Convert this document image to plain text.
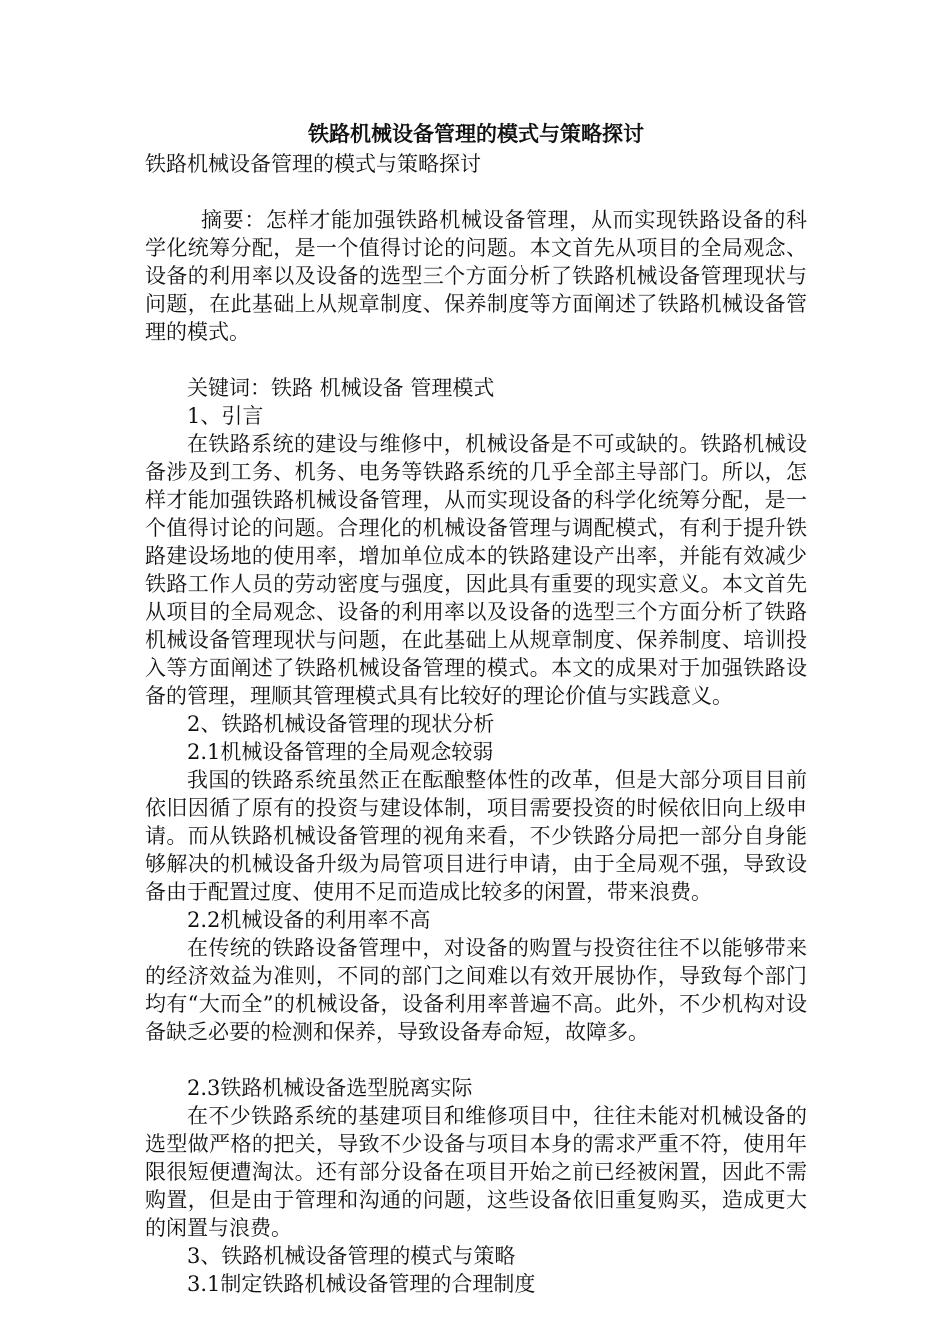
铁路机械设备管理的模式与策略探讨
铁路机械设备管理的模式与策略探讨

摘要：怎样才能加强铁路机械设备管理，从而实现铁路设备的科学化统筹分配，是一个值得讨论的问题。本文首先从项目的全局观念、设备的利用率以及设备的选型三个方面分析了铁路机械设备管理现状与问题，在此基础上从规章制度、保养制度等方面阐述了铁路机械设备管理的模式。

关键词：铁路 机械设备 管理模式

1、引言

在铁路系统的建设与维修中，机械设备是不可或缺的。铁路机械设备涉及到工务、机务、电务等铁路系统的几乎全部主导部门。所以，怎样才能加强铁路机械设备管理，从而实现设备的科学化统筹分配，是一个值得讨论的问题。合理化的机械设备管理与调配模式，有利于提升铁路建设场地的使用率，增加单位成本的铁路建设产出率，并能有效减少铁路工作人员的劳动密度与强度，因此具有重要的现实意义。本文首先从项目的全局观念、设备的利用率以及设备的选型三个方面分析了铁路机械设备管理现状与问题，在此基础上从规章制度、保养制度、培训投入等方面阐述了铁路机械设备管理的模式。本文的成果对于加强铁路设备的管理，理顺其管理模式具有比较好的理论价值与实践意义。

2、铁路机械设备管理的现状分析

2.1机械设备管理的全局观念较弱

我国的铁路系统虽然正在酝酿整体性的改革，但是大部分项目目前依旧因循了原有的投资与建设体制，项目需要投资的时候依旧向上级申请。而从铁路机械设备管理的视角来看，不少铁路分局把一部分自身能够解决的机械设备升级为局管项目进行申请，由于全局观不强，导致设备由于配置过度、使用不足而造成比较多的闲置，带来浪费。

2.2机械设备的利用率不高

在传统的铁路设备管理中，对设备的购置与投资往往不以能够带来的经济效益为准则，不同的部门之间难以有效开展协作，导致每个部门均有“大而全”的机械设备，设备利用率普遍不高。此外，不少机构对设备缺乏必要的检测和保养，导致设备寿命短，故障多。

2.3铁路机械设备选型脱离实际

在不少铁路系统的基建项目和维修项目中，往往未能对机械设备的选型做严格的把关，导致不少设备与项目本身的需求严重不符，使用年限很短便遭淘汰。还有部分设备在项目开始之前已经被闲置，因此不需购置，但是由于管理和沟通的问题，这些设备依旧重复购买，造成更大的闲置与浪费。

3、铁路机械设备管理的模式与策略

3.1制定铁路机械设备管理的合理制度
